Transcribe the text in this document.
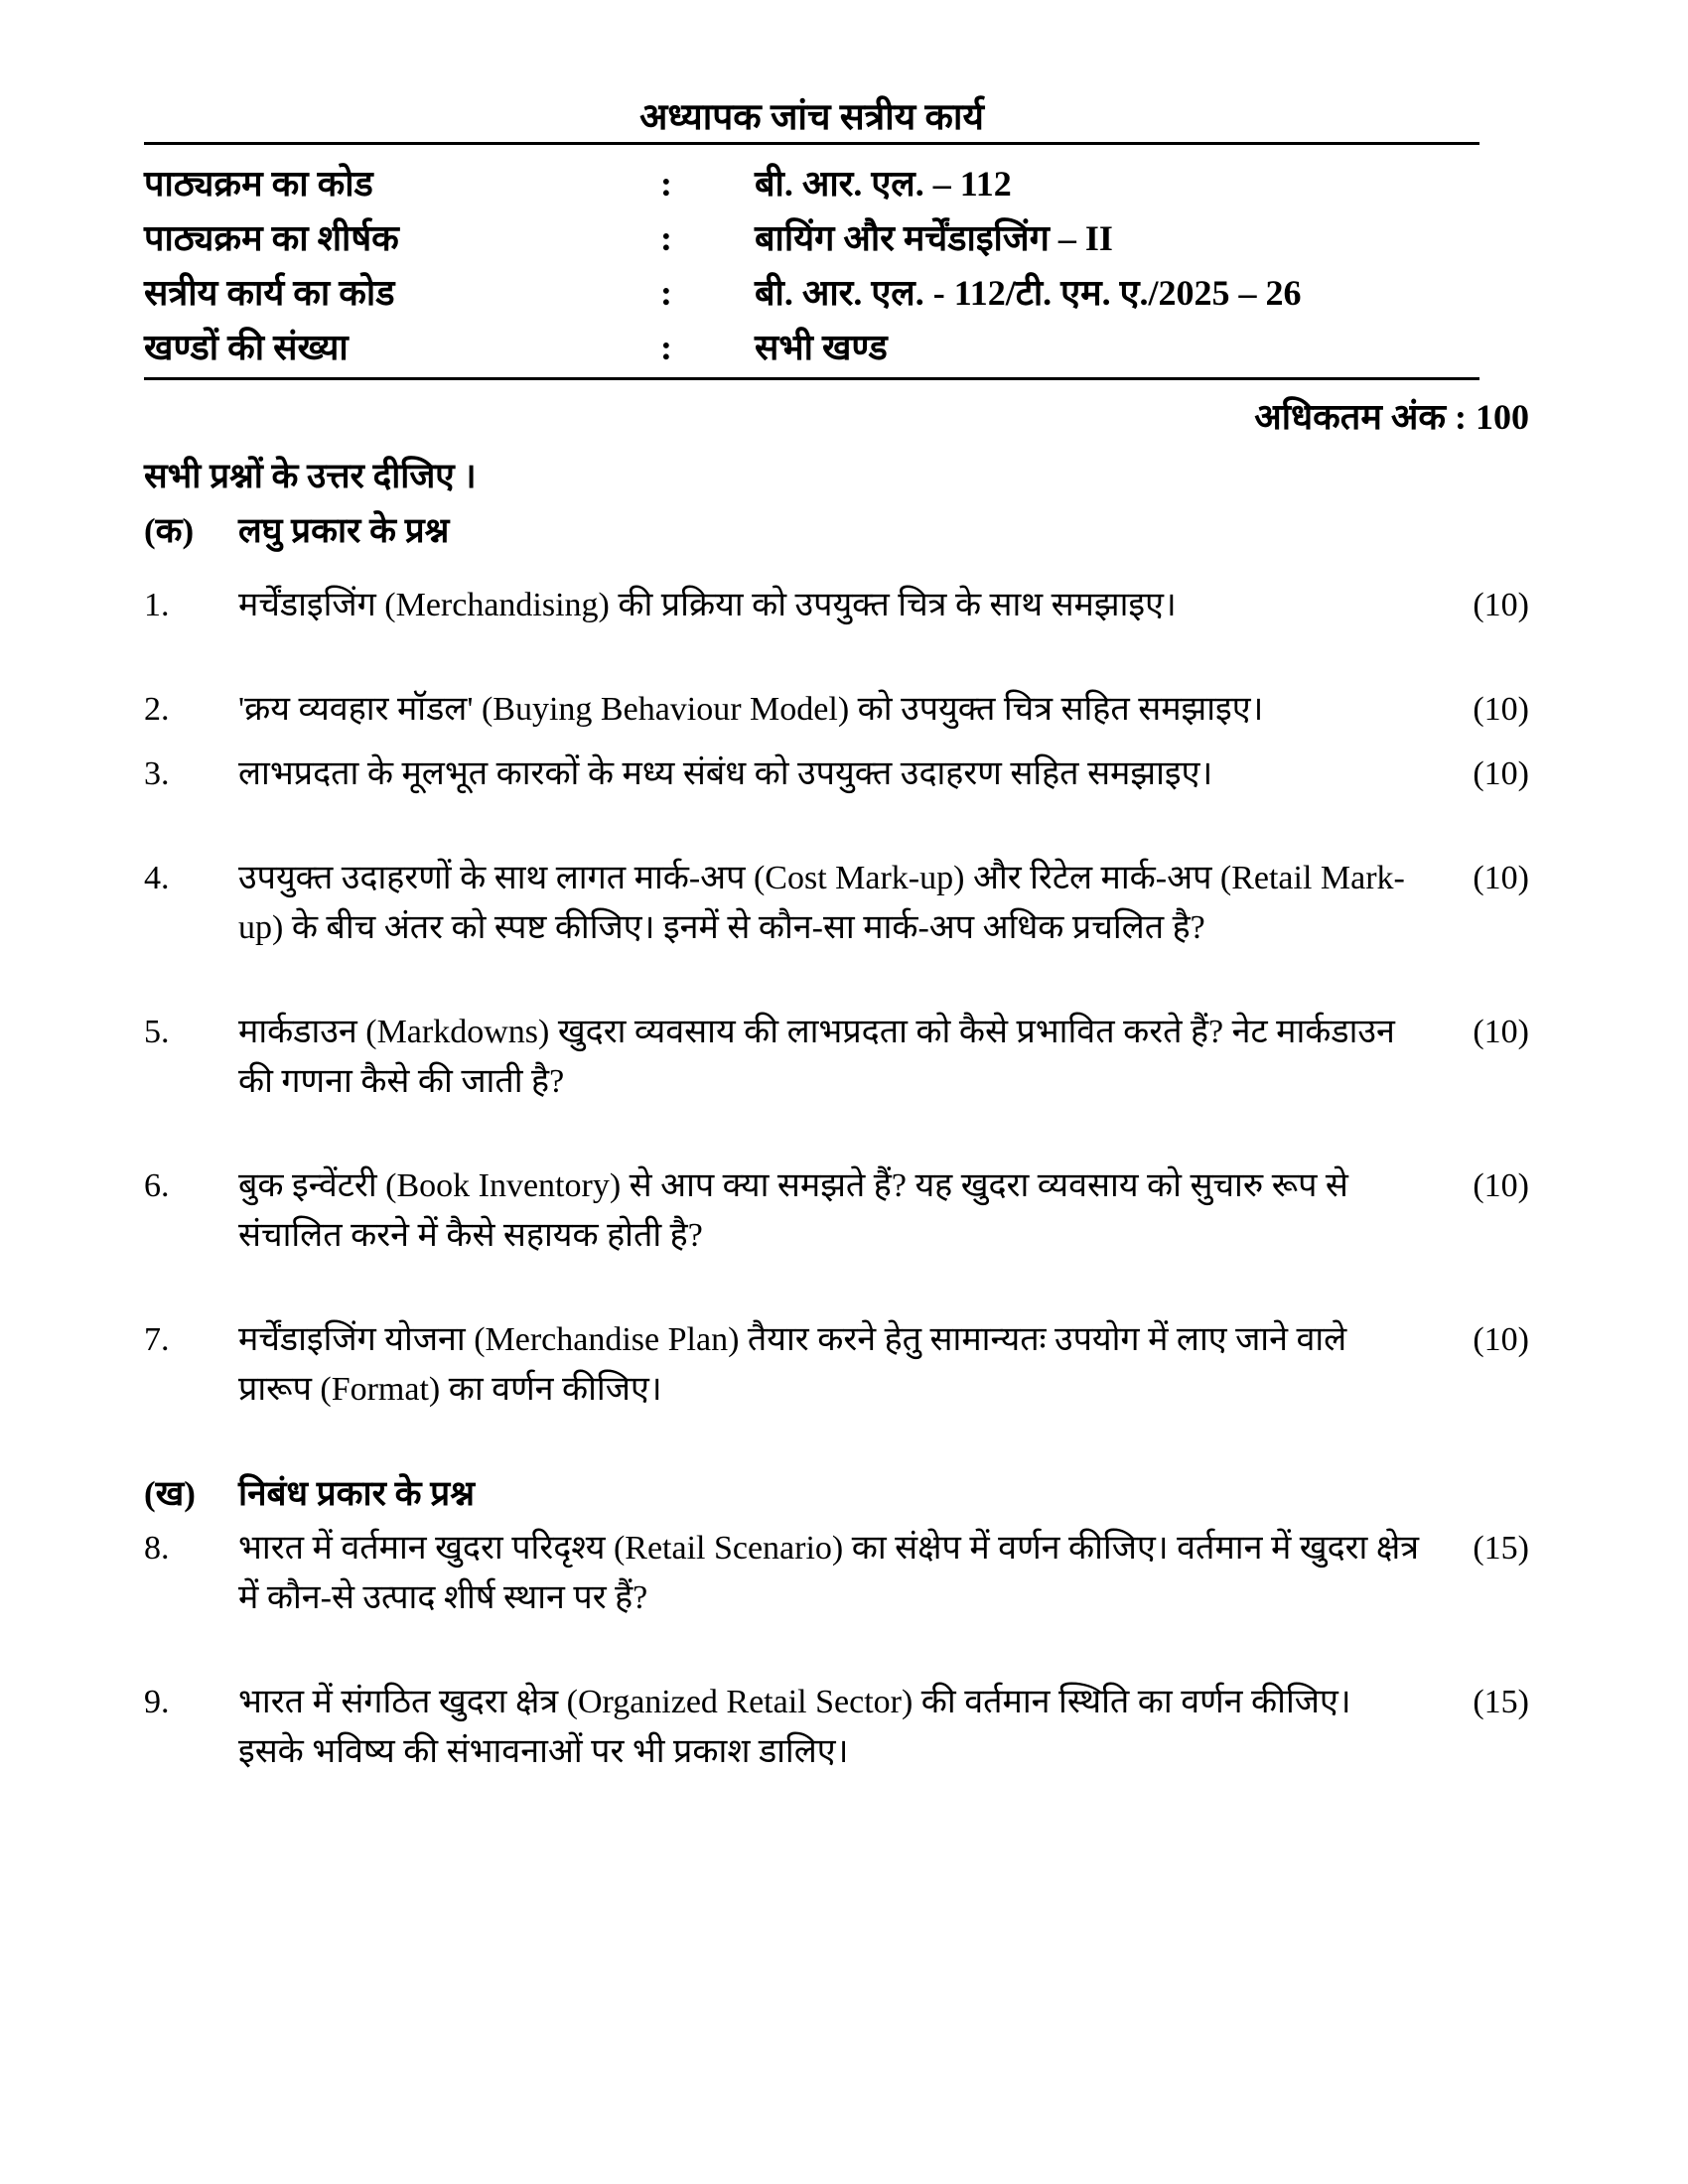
अध्यापक जांच सत्रीय कार्य
पाठ्यक्रम का कोड	:	बी. आर. एल. – 112
पाठ्यक्रम का शीर्षक	:	बायिंग और मर्चेंडाइजिंग – II
सत्रीय कार्य का कोड	:	बी. आर. एल. - 112/टी. एम. ए./2025 – 26
खण्डों की संख्या	:	सभी खण्ड
अधिकतम अंक : 100
सभी प्रश्नों के उत्तर दीजिए ।
(क)	लघु प्रकार के प्रश्न
1.	मर्चेंडाइजिंग (Merchandising) की प्रक्रिया को उपयुक्त चित्र के साथ समझाइए।	(10)
2.	'क्रय व्यवहार मॉडल' (Buying Behaviour Model) को उपयुक्त चित्र सहित समझाइए।	(10)
3.	लाभप्रदता के मूलभूत कारकों के मध्य संबंध को उपयुक्त उदाहरण सहित समझाइए।	(10)
4.	उपयुक्त उदाहरणों के साथ लागत मार्क-अप (Cost Mark-up) और रिटेल मार्क-अप (Retail Mark-up) के बीच अंतर को स्पष्ट कीजिए। इनमें से कौन-सा मार्क-अप अधिक प्रचलित है?
(10)
5.	मार्कडाउन (Markdowns) खुदरा व्यवसाय की लाभप्रदता को कैसे प्रभावित करते हैं? नेट मार्कडाउन की गणना कैसे की जाती है?
(10)
6.	बुक इन्वेंटरी (Book Inventory) से आप क्या समझते हैं? यह खुदरा व्यवसाय को सुचारु रूप से संचालित करने में कैसे सहायक होती है?
(10)
7.	मर्चेंडाइजिंग योजना (Merchandise Plan) तैयार करने हेतु सामान्यतः उपयोग में लाए जाने वाले प्रारूप (Format) का वर्णन कीजिए।
(10)
(ख)	निबंध प्रकार के प्रश्न
8.	भारत में वर्तमान खुदरा परिदृश्य (Retail Scenario) का संक्षेप में वर्णन कीजिए। वर्तमान में खुदरा क्षेत्र में कौन-से उत्पाद शीर्ष स्थान पर हैं?
(15)
9.	भारत में संगठित खुदरा क्षेत्र (Organized Retail Sector) की वर्तमान स्थिति का वर्णन कीजिए। इसके भविष्य की संभावनाओं पर भी प्रकाश डालिए।
(15)
